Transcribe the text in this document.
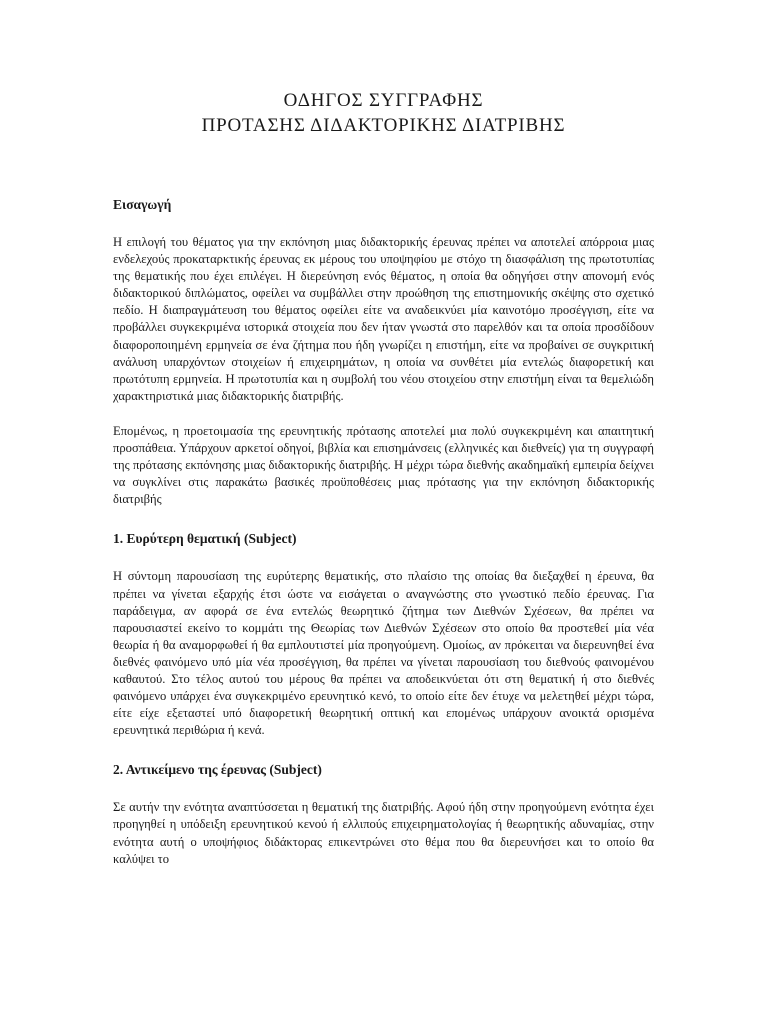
ΟΔΗΓΟΣ ΣΥΓΓΡΑΦΗΣ
ΠΡΟΤΑΣΗΣ ΔΙΔΑΚΤΟΡΙΚΗΣ ΔΙΑΤΡΙΒΗΣ
Εισαγωγή

Η επιλογή του θέματος για την εκπόνηση μιας διδακτορικής έρευνας πρέπει να αποτελεί απόρροια μιας ενδελεχούς προκαταρκτικής έρευνας εκ μέρους του υποψηφίου με στόχο τη διασφάλιση της πρωτοτυπίας της θεματικής που έχει επιλέγει. Η διερεύνηση ενός θέματος, η οποία θα οδηγήσει στην απονομή ενός διδακτορικού διπλώματος, οφείλει να συμβάλλει στην προώθηση της επιστημονικής σκέψης στο σχετικό πεδίο. Η διαπραγμάτευση του θέματος οφείλει είτε να αναδεικνύει μία καινοτόμο προσέγγιση, είτε να προβάλλει συγκεκριμένα ιστορικά στοιχεία που δεν ήταν γνωστά στο παρελθόν και τα οποία προσδίδουν διαφοροποιημένη ερμηνεία σε ένα ζήτημα που ήδη γνωρίζει η επιστήμη, είτε να προβαίνει σε συγκριτική ανάλυση υπαρχόντων στοιχείων ή επιχειρημάτων, η οποία να συνθέτει μία εντελώς διαφορετική και πρωτότυπη ερμηνεία. Η πρωτοτυπία και η συμβολή του νέου στοιχείου στην επιστήμη είναι τα θεμελιώδη χαρακτηριστικά μιας διδακτορικής διατριβής.

Επομένως, η προετοιμασία της ερευνητικής πρότασης αποτελεί μια πολύ συγκεκριμένη και απαιτητική προσπάθεια. Υπάρχουν αρκετοί οδηγοί, βιβλία και επισημάνσεις (ελληνικές και διεθνείς) για τη συγγραφή της πρότασης εκπόνησης μιας διδακτορικής διατριβής. Η μέχρι τώρα διεθνής ακαδημαϊκή εμπειρία δείχνει να συγκλίνει στις παρακάτω βασικές προϋποθέσεις μιας πρότασης για την εκπόνηση διδακτορικής διατριβής

1. Ευρύτερη θεματική (Subject)

Η σύντομη παρουσίαση της ευρύτερης θεματικής, στο πλαίσιο της οποίας θα διεξαχθεί η έρευνα, θα πρέπει να γίνεται εξαρχής έτσι ώστε να εισάγεται ο αναγνώστης στο γνωστικό πεδίο έρευνας. Για παράδειγμα, αν αφορά σε ένα εντελώς θεωρητικό ζήτημα των Διεθνών Σχέσεων, θα πρέπει να παρουσιαστεί εκείνο το κομμάτι της Θεωρίας των Διεθνών Σχέσεων στο οποίο θα προστεθεί μία νέα θεωρία ή θα αναμορφωθεί ή θα εμπλουτιστεί μία προηγούμενη. Ομοίως, αν πρόκειται να διερευνηθεί ένα διεθνές φαινόμενο υπό μία νέα προσέγγιση, θα πρέπει να γίνεται παρουσίαση του διεθνούς φαινομένου καθαυτού. Στο τέλος αυτού του μέρους θα πρέπει να αποδεικνύεται ότι στη θεματική ή στο διεθνές φαινόμενο υπάρχει ένα συγκεκριμένο ερευνητικό κενό, το οποίο είτε δεν έτυχε να μελετηθεί μέχρι τώρα, είτε είχε εξεταστεί υπό διαφορετική θεωρητική οπτική και επομένως υπάρχουν ανοικτά ορισμένα ερευνητικά περιθώρια ή κενά.

2. Αντικείμενο της έρευνας (Subject)

Σε αυτήν την ενότητα αναπτύσσεται η θεματική της διατριβής. Αφού ήδη στην προηγούμενη ενότητα έχει προηγηθεί η υπόδειξη ερευνητικού κενού ή ελλιπούς επιχειρηματολογίας ή θεωρητικής αδυναμίας, στην ενότητα αυτή ο υποψήφιος διδάκτορας επικεντρώνει στο θέμα που θα διερευνήσει και το οποίο θα καλύψει το
